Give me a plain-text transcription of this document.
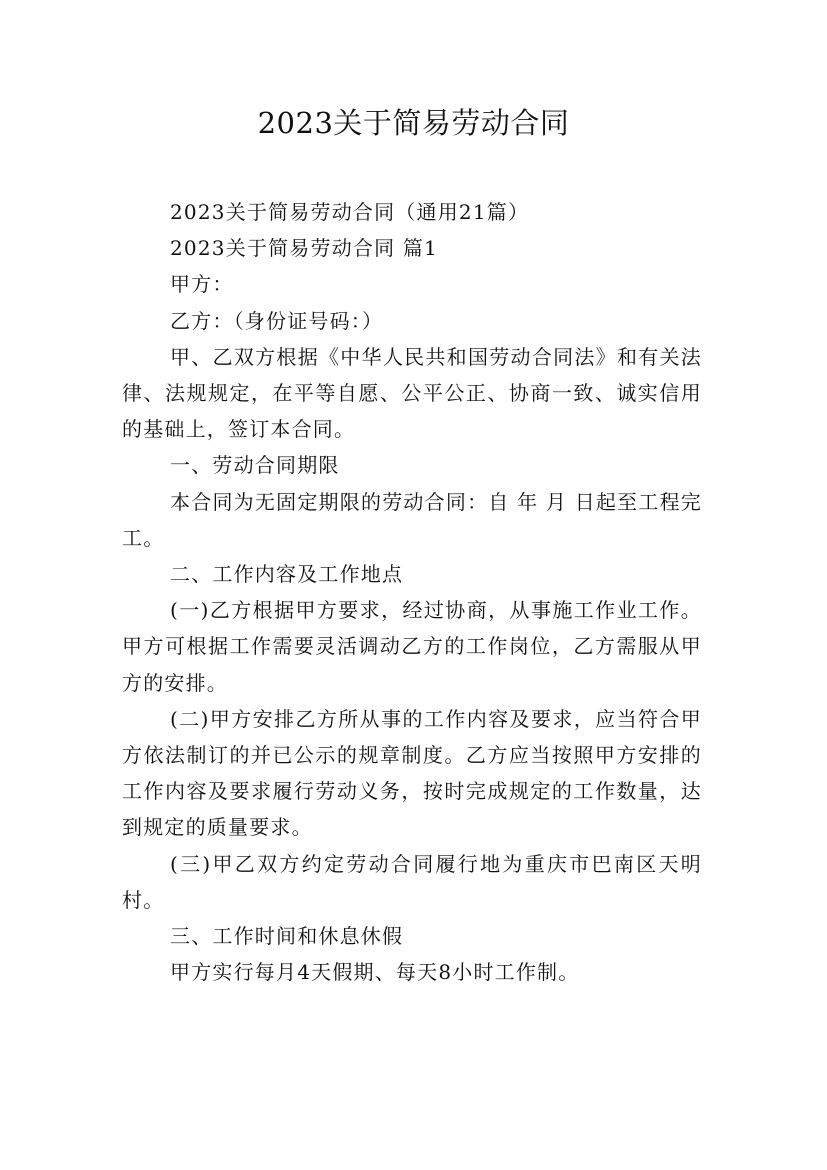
2023关于简易劳动合同

2023关于简易劳动合同（通用21篇）

2023关于简易劳动合同 篇1

甲方：

乙方：（身份证号码：）

甲、乙双方根据《中华人民共和国劳动合同法》和有关法律、法规规定，在平等自愿、公平公正、协商一致、诚实信用的基础上，签订本合同。

一、劳动合同期限

本合同为无固定期限的劳动合同：自 年 月 日起至工程完工。

二、工作内容及工作地点

(一)乙方根据甲方要求，经过协商，从事施工作业工作。甲方可根据工作需要灵活调动乙方的工作岗位，乙方需服从甲方的安排。

(二)甲方安排乙方所从事的工作内容及要求，应当符合甲方依法制订的并已公示的规章制度。乙方应当按照甲方安排的工作内容及要求履行劳动义务，按时完成规定的工作数量，达到规定的质量要求。

(三)甲乙双方约定劳动合同履行地为重庆市巴南区天明村。

三、工作时间和休息休假

甲方实行每月4天假期、每天8小时工作制。
